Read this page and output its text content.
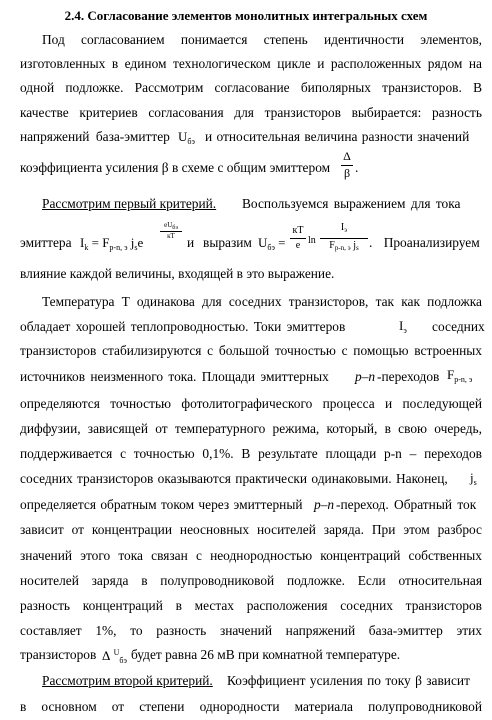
2.4. Согласование элементов монолитных интегральных схем
Под согласованием понимается степень идентичности элементов,
изготовленных в едином технологическом цикле и расположенных рядом на
одной подложке. Рассмотрим согласование биполярных транзисторов. В
качестве критериев согласования для транзисторов выбирается: разность
напряжений база-эмиттер $U_{бэ}$ и относительная величина разности значений
коэффициента усиления β в схеме с общим эмиттером
Δ
β .
Рассмотрим первый критерий. Воспользуемся выражением для тока
эмиттера $I_k = F_{p-n, э}$ $j_se$
eUбэ
кТ и выразим $U_{бэ}$ =
кТ
e ln
$I_э$
$F_{p-n, э}$ $j_s$ . Проанализируем
влияние каждой величины, входящей в это выражение.
Температура T одинакова для соседних транзисторов, так как подложка
обладает хорошей теплопроводностью. Токи эмиттеров	$I_э$ соседних
транзисторов стабилизируются с большой точностью с помощью встроенных
источников неизменного тока. Площади эмиттерных p–n -переходов $F_{p-n, э}$
определяются точностью фотолитографического процесса и последующей
диффузии, зависящей от температурного режима, который, в свою очередь,
поддерживается с точностью 0,1%. В результате площади p-n – переходов
соседних транзисторов оказываются практически одинаковыми. Наконец, $j_s$
определяется обратным током через эмиттерный p–n -переход. Обратный ток
зависит от концентрации неосновных носителей заряда. При этом разброс
значений этого тока связан с неоднородностью концентраций собственных
носителей заряда в полупроводниковой подложке. Если относительная
разность концентраций в местах расположения соседних транзисторов
составляет 1%, то разность значений напряжений база-эмиттер этих
транзисторов Δ $^U_{бэ}$ будет равна 26 мВ при комнатной температуре.
Рассмотрим второй критерий. Коэффициент усиления по току β зависит
в основном от степени однородности материала полупроводниковой
